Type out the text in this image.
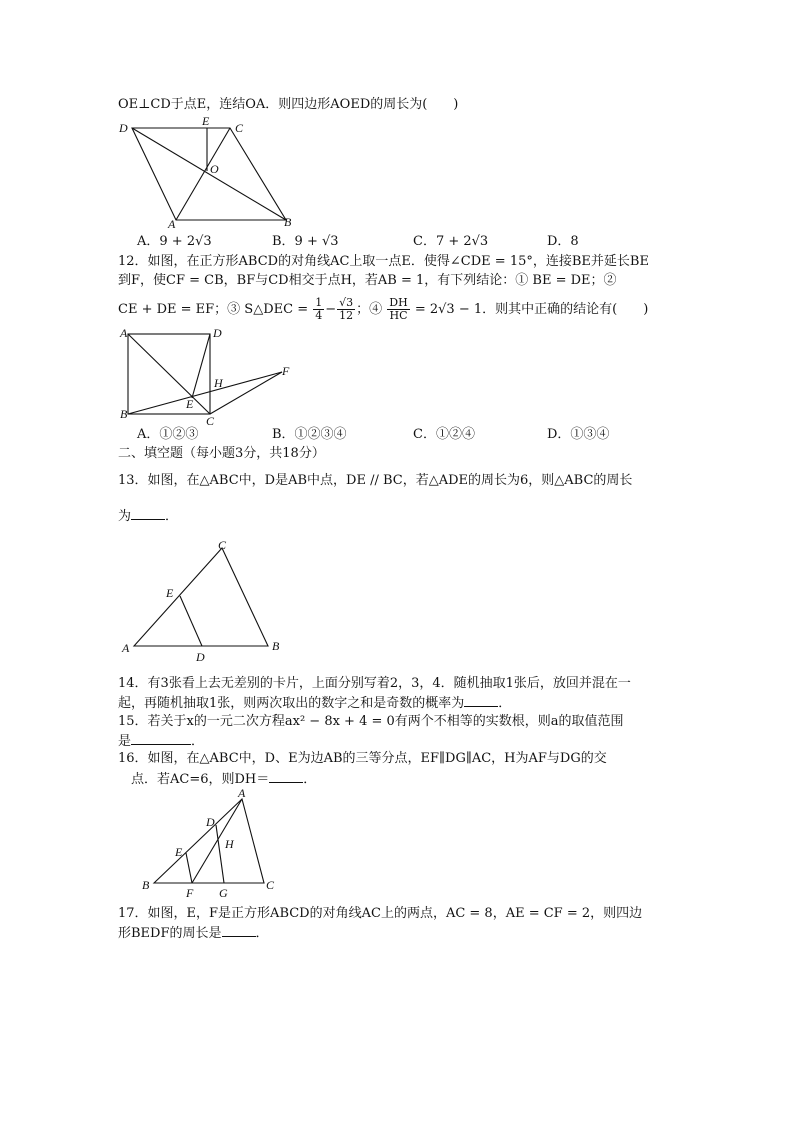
OE⊥CD于点E，连结OA．则四边形AOED的周长为(　　)
D	E C
O
A	B
A．9 + 2√3	B．9 + √3	C．7 + 2√3	D．8
12．如图，在正方形ABCD的对角线AC上取一点E．使得∠CDE = 15°，连接BE并延长BE
到F，使CF = CB，BF与CD相交于点H，若AB = 1，有下列结论：① BE = DE；②
CE + DE = EF；③ S△DEC = $\frac{1}{4} - \frac{√3}{12}$ ；④ $\frac{DH}{HC} = 2√3 - 1$．则其中正确的结论有(　　)
A	D
B	C
E
H
F
A．①②③	B．①②③④	C．①②④	D．①③④
二、填空题（每小题3分，共18分）
13．如图，在△ABC中，D是AB中点，DE // BC，若△ADE的周长为6，则△ABC的周长
为	．
C
E
A
D
B
14．有3张看上去无差别的卡片，上面分别写着2，3，4．随机抽取1张后，放回并混在一
起，再随机抽取1张，则两次取出的数字之和是奇数的概率为	．
15．若关于x的一元二次方程ax² − 8x + 4 = 0有两个不相等的实数根，则a的取值范围
是	．
16．如图，在△ABC中，D、E为边AB的三等分点，EF∥DG∥AC，H为AF与DG的交
　点．若AC=6，则DH＝	．
A
D
E
H
B
F G
C
17．如图，E，F是正方形ABCD的对角线AC上的两点，AC = 8，AE = CF = 2，则四边
形BEDF的周长是	．
